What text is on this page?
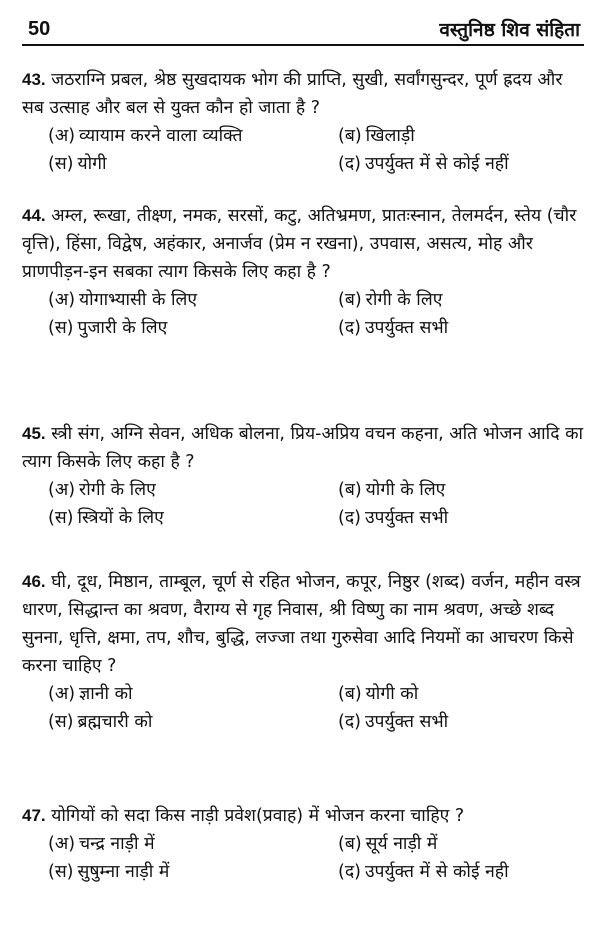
50	वस्तुनिष्ठ शिव संहिता

43. जठराग्नि प्रबल, श्रेष्ठ सुखदायक भोग की प्राप्ति, सुखी, सर्वांगसुन्दर, पूर्ण ह्रदय और सब उत्साह और बल से युक्त कौन हो जाता है ?

(अ) व्यायाम करने वाला व्यक्ति	(ब) खिलाड़ी
(स) योगी	(द) उपर्युक्त में से कोई नहीं

44. अम्ल, रूखा, तीक्ष्ण, नमक, सरसों, कटु, अतिभ्रमण, प्रातःस्नान, तेलमर्दन, स्तेय (चौर वृत्ति), हिंसा, विद्वेष, अहंकार, अनार्जव (प्रेम न रखना), उपवास, असत्य, मोह और प्राणपीड़न-इन सबका त्याग किसके लिए कहा है ?

(अ) योगाभ्यासी के लिए	(ब) रोगी के लिए
(स) पुजारी के लिए	(द) उपर्युक्त सभी

45. स्त्री संग, अग्नि सेवन, अधिक बोलना, प्रिय-अप्रिय वचन कहना, अति भोजन आदि का त्याग किसके लिए कहा है ?

(अ) रोगी के लिए	(ब) योगी के लिए
(स) स्त्रियों के लिए	(द) उपर्युक्त सभी

46. घी, दूध, मिष्ठान, ताम्बूल, चूर्ण से रहित भोजन, कपूर, निष्ठुर (शब्द) वर्जन, महीन वस्त्र धारण, सिद्धान्त का श्रवण, वैराग्य से गृह निवास, श्री विष्णु का नाम श्रवण, अच्छे शब्द सुनना, धृत्ति, क्षमा, तप, शौच, बुद्धि, लज्जा तथा गुरुसेवा आदि नियमों का आचरण किसे करना चाहिए ?

(अ) ज्ञानी को	(ब) योगी को
(स) ब्रह्मचारी को	(द) उपर्युक्त सभी

47. योगियों को सदा किस नाड़ी प्रवेश(प्रवाह) में भोजन करना चाहिए ?

(अ) चन्द्र नाड़ी में	(ब) सूर्य नाड़ी में
(स) सुषुम्ना नाड़ी में	(द) उपर्युक्त में से कोई नही
